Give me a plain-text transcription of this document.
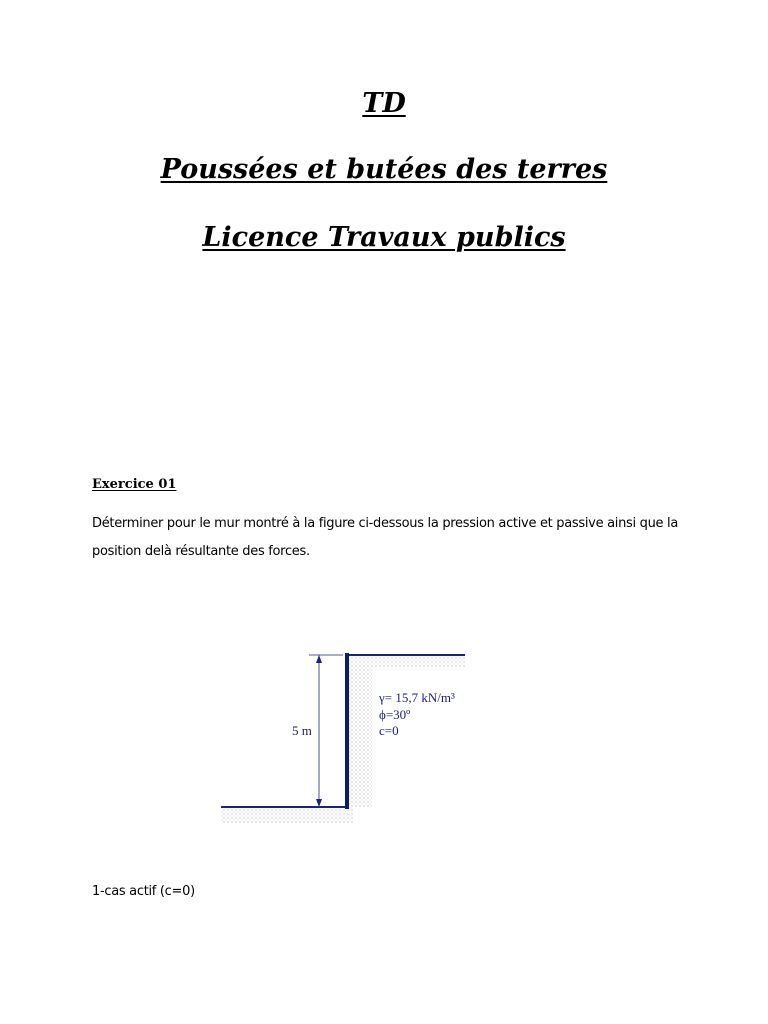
TD
Poussées et butées des terres
Licence Travaux publics
Exercice 01
Déterminer pour le mur montré à la figure ci-dessous la pression active et passive ainsi que la position delà résultante des forces.
5 m
γ= 15,7 kN/m³
ϕ=30º
c=0
1-cas actif (c=0)
